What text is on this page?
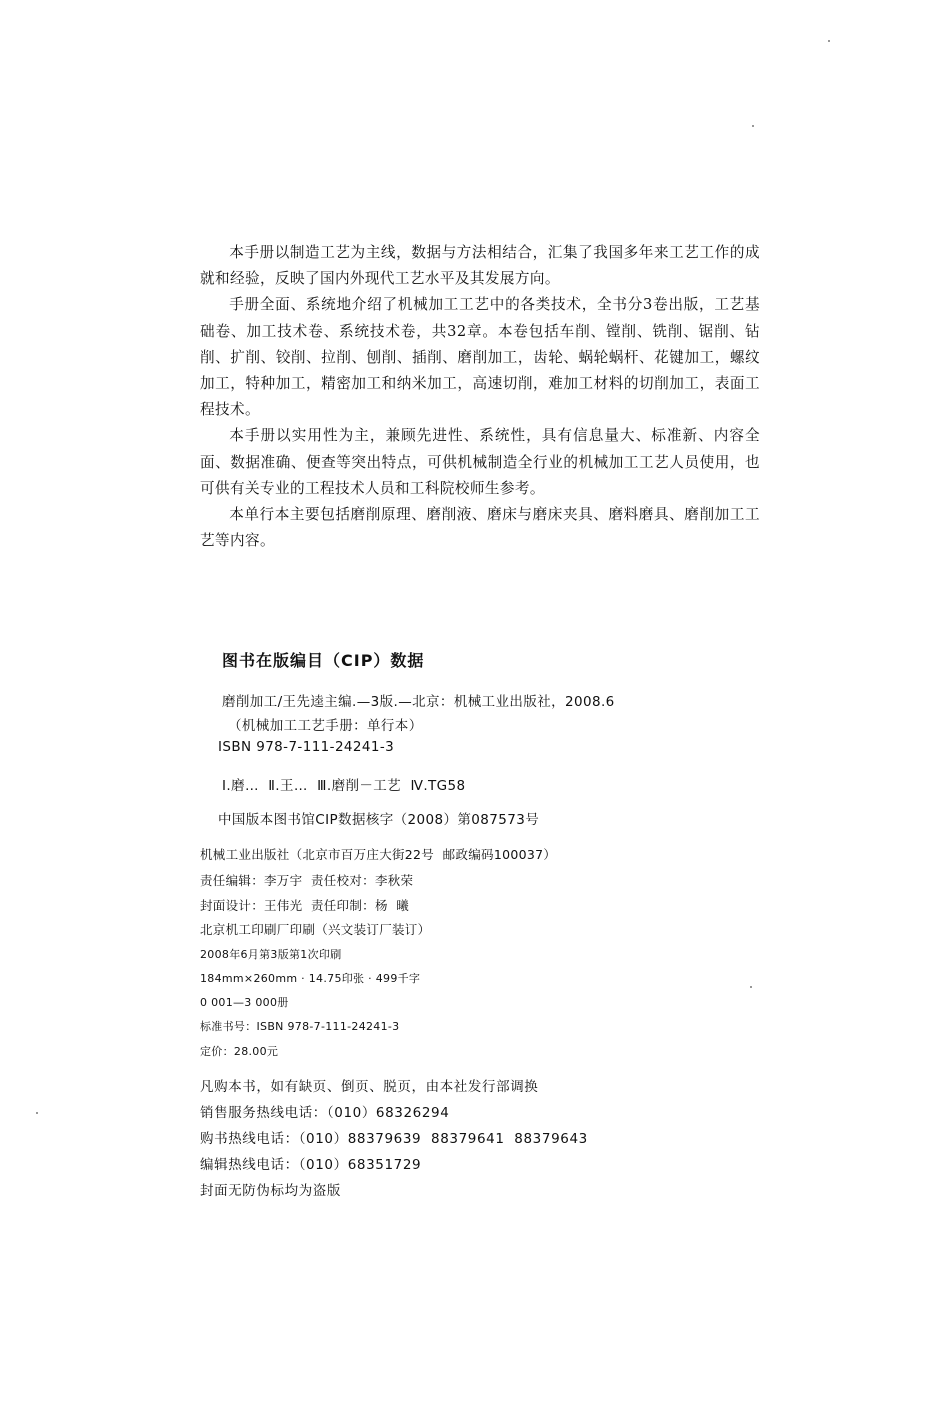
本手册以制造工艺为主线，数据与方法相结合，汇集了我国多年来工艺工作的成就和经验，反映了国内外现代工艺水平及其发展方向。

手册全面、系统地介绍了机械加工工艺中的各类技术，全书分3卷出版，工艺基础卷、加工技术卷、系统技术卷，共32章。本卷包括车削、镗削、铣削、锯削、钻削、扩削、铰削、拉削、刨削、插削、磨削加工，齿轮、蜗轮蜗杆、花键加工，螺纹加工，特种加工，精密加工和纳米加工，高速切削，难加工材料的切削加工，表面工程技术。

本手册以实用性为主，兼顾先进性、系统性，具有信息量大、标准新、内容全面、数据准确、便查等突出特点，可供机械制造全行业的机械加工工艺人员使用，也可供有关专业的工程技术人员和工科院校师生参考。

本单行本主要包括磨削原理、磨削液、磨床与磨床夹具、磨料磨具、磨削加工工艺等内容。

图书在版编目（CIP）数据
磨削加工/王先逵主编.—3版.—北京：机械工业出版社，2008.6
（机械加工工艺手册：单行本）
ISBN 978-7-111-24241-3
Ⅰ.磨…  Ⅱ.王…  Ⅲ.磨削－工艺  Ⅳ.TG58
中国版本图书馆CIP数据核字（2008）第087573号
机械工业出版社（北京市百万庄大街22号  邮政编码100037）
责任编辑：李万宇  责任校对：李秋荣
封面设计：王伟光  责任印制：杨  曦
北京机工印刷厂印刷（兴文装订厂装订）
2008年6月第3版第1次印刷
184mm×260mm · 14.75印张 · 499千字
0 001—3 000册
标准书号：ISBN 978-7-111-24241-3
定价：28.00元
凡购本书，如有缺页、倒页、脱页，由本社发行部调换
销售服务热线电话：（010）68326294
购书热线电话：（010）88379639  88379641  88379643
编辑热线电话：（010）68351729
封面无防伪标均为盗版
